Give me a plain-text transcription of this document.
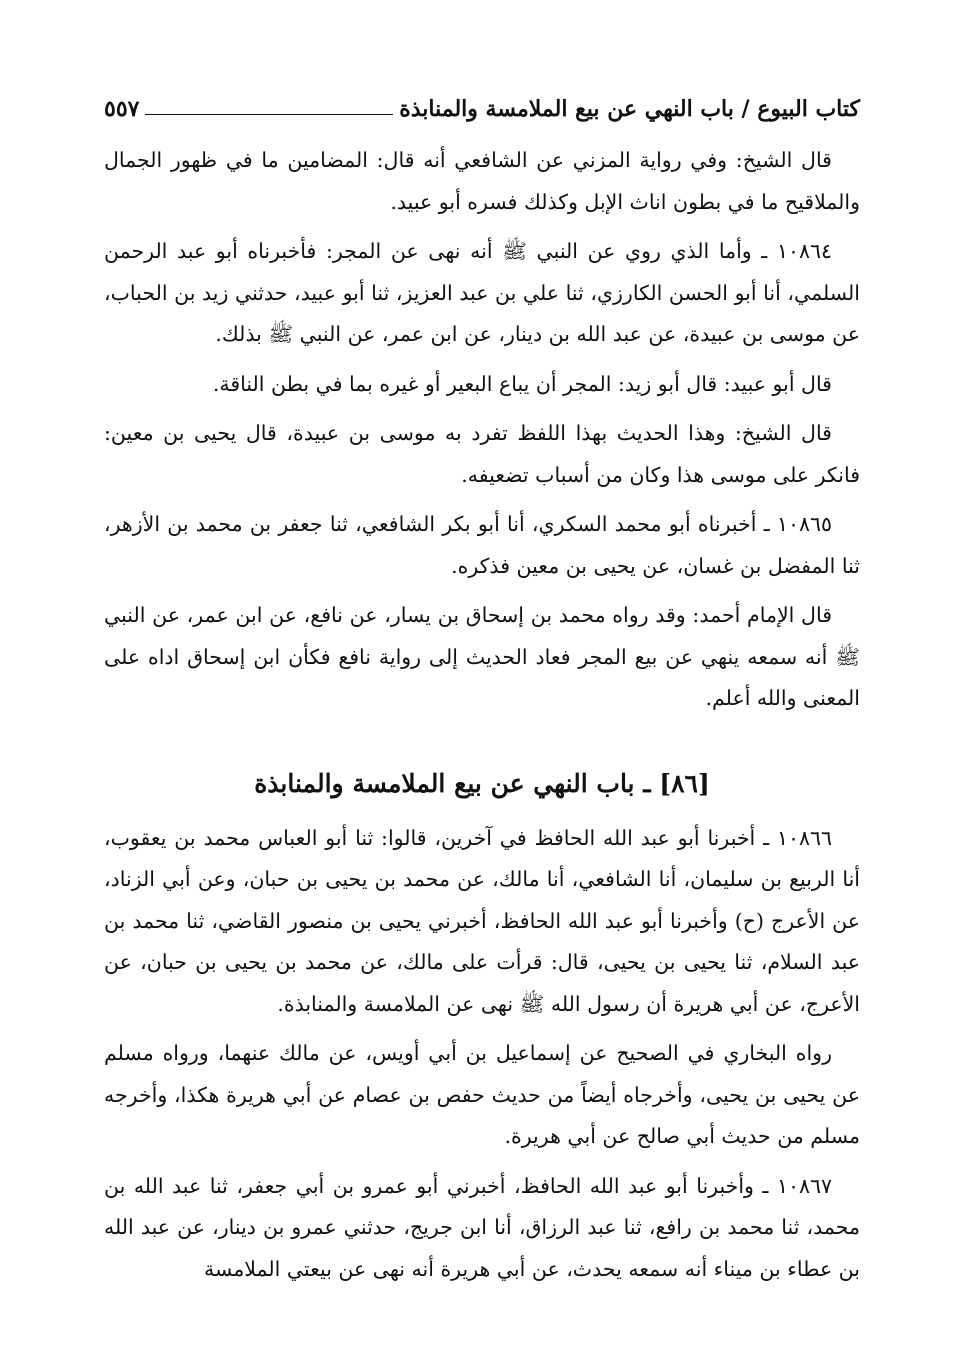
كتاب البيوع / باب النهي عن بيع الملامسة والمنابذة
٥٥٧

قال الشيخ: وفي رواية المزني عن الشافعي أنه قال: المضامين ما في ظهور الجمال والملاقيح ما في بطون اناث الإبل وكذلك فسره أبو عبيد.

١٠٨٦٤ ـ وأما الذي روي عن النبي ﷺ أنه نهى عن المجر: فأخبرناه أبو عبد الرحمن السلمي، أنا أبو الحسن الكارزي، ثنا علي بن عبد العزيز، ثنا أبو عبيد، حدثني زيد بن الحباب، عن موسى بن عبيدة، عن عبد الله بن دينار، عن ابن عمر، عن النبي ﷺ بذلك.

قال أبو عبيد: قال أبو زيد: المجر أن يباع البعير أو غيره بما في بطن الناقة.

قال الشيخ: وهذا الحديث بهذا اللفظ تفرد به موسى بن عبيدة، قال يحيى بن معين: فانكر على موسى هذا وكان من أسباب تضعيفه.

١٠٨٦٥ ـ أخبرناه أبو محمد السكري، أنا أبو بكر الشافعي، ثنا جعفر بن محمد بن الأزهر، ثنا المفضل بن غسان، عن يحيى بن معين فذكره.

قال الإمام أحمد: وقد رواه محمد بن إسحاق بن يسار، عن نافع، عن ابن عمر، عن النبي ﷺ أنه سمعه ينهي عن بيع المجر فعاد الحديث إلى رواية نافع فكأن ابن إسحاق اداه على المعنى والله أعلم.

[٨٦] ـ باب النهي عن بيع الملامسة والمنابذة

١٠٨٦٦ ـ أخبرنا أبو عبد الله الحافظ في آخرين، قالوا: ثنا أبو العباس محمد بن يعقوب، أنا الربيع بن سليمان، أنا الشافعي، أنا مالك، عن محمد بن يحيى بن حبان، وعن أبي الزناد، عن الأعرج (ح) وأخبرنا أبو عبد الله الحافظ، أخبرني يحيى بن منصور القاضي، ثنا محمد بن عبد السلام، ثنا يحيى بن يحيى، قال: قرأت على مالك، عن محمد بن يحيى بن حبان، عن الأعرج، عن أبي هريرة أن رسول الله ﷺ نهى عن الملامسة والمنابذة.

رواه البخاري في الصحيح عن إسماعيل بن أبي أويس، عن مالك عنهما، ورواه مسلم عن يحيى بن يحيى، وأخرجاه أيضاً من حديث حفص بن عصام عن أبي هريرة هكذا، وأخرجه مسلم من حديث أبي صالح عن أبي هريرة.

١٠٨٦٧ ـ وأخبرنا أبو عبد الله الحافظ، أخبرني أبو عمرو بن أبي جعفر، ثنا عبد الله بن محمد، ثنا محمد بن رافع، ثنا عبد الرزاق، أنا ابن جريج، حدثني عمرو بن دينار، عن عبد الله بن عطاء بن ميناء أنه سمعه يحدث، عن أبي هريرة أنه نهى عن بيعتي الملامسة
